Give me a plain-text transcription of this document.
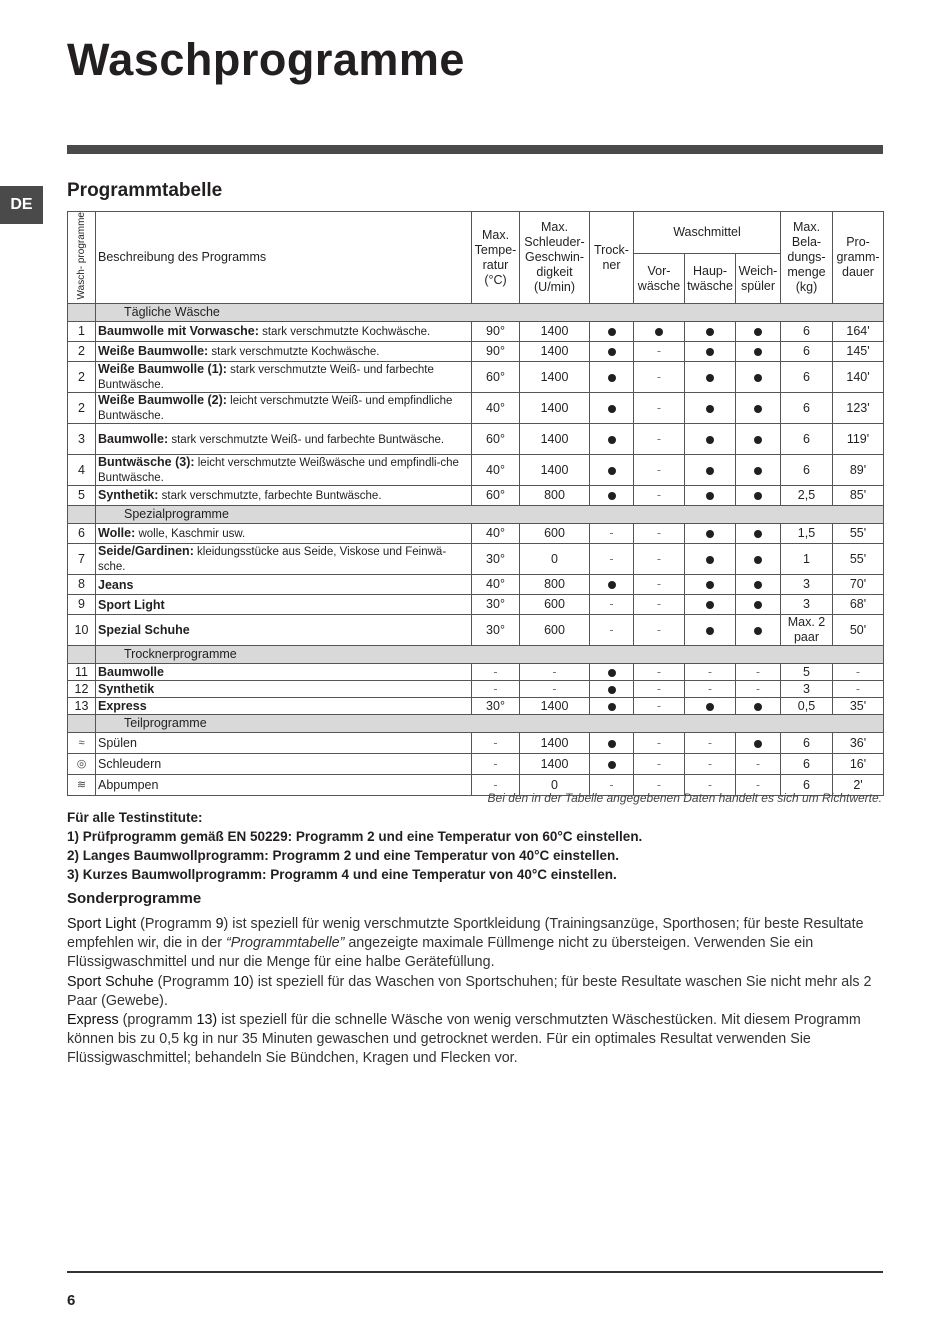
Waschprogramme
DE
Programmtabelle
Wasch- programme	Beschreibung des Programms	Max. Tempe-ratur (°C)	Max. Schleuder-Geschwin-digkeit (U/min)	Trock-ner	Waschmittel			Max. Bela-dungs-menge (kg)	Pro-gramm-dauer
					Vor-wäsche	Haup-twäsche	Weich-spüler		
	Tägliche Wäsche								
1	Baumwolle mit Vorwasche: stark verschmutzte Kochwäsche.	90°	1400					6	164'
2	Weiße Baumwolle: stark verschmutzte Kochwäsche.	90°	1400		-			6	145'
2	Weiße Baumwolle (1): stark verschmutzte Weiß- und farbechte Buntwäsche.	60°	1400		-			6	140'
2	Weiße Baumwolle (2): leicht verschmutzte Weiß- und empfindliche Buntwäsche.	40°	1400		-			6	123'
3	Baumwolle: stark verschmutzte Weiß- und farbechte Buntwäsche.	60°	1400		-			6	119'
4	Buntwäsche (3): leicht verschmutzte Weißwäsche und empfindli-che Buntwäsche.	40°	1400		-			6	89'
5	Synthetik: stark verschmutzte, farbechte Buntwäsche.	60°	800		-			2,5	85'
	Spezialprogramme								
6	Wolle: wolle, Kaschmir usw.	40°	600	-	-			1,5	55'
7	Seide/Gardinen: kleidungsstücke aus Seide, Viskose und Feinwä-sche.	30°	0	-	-			1	55'
8	Jeans	40°	800		-			3	70'
9	Sport Light	30°	600	-	-			3	68'
10	Spezial Schuhe	30°	600	-	-			Max. 2 paar	50'
	Trocknerprogramme								
11	Baumwolle	-	-		-	-	-	5	-
12	Synthetik	-	-		-	-	-	3	-
13	Express	30°	1400		-			0,5	35'
	Teilprogramme								
≈	Spülen	-	1400		-	-		6	36'
◎	Schleudern	-	1400		-	-	-	6	16'
≋	Abpumpen	-	0	-	-	-	-	6	2'
Bei den in der Tabelle angegebenen Daten handelt es sich um Richtwerte.
Für alle Testinstitute:
1) Prüfprogramm gemäß EN 50229: Programm 2 und eine Temperatur von 60°C einstellen.
2) Langes Baumwollprogramm: Programm 2 und eine Temperatur von 40°C einstellen.
3) Kurzes Baumwollprogramm: Programm 4 und eine Temperatur von 40°C einstellen.
Sonderprogramme
Sport Light (Programm 9) ist speziell für wenig verschmutzte Sportkleidung (Trainingsanzüge, Sporthosen; für beste Resultate empfehlen wir, die in der “Programmtabelle” angezeigte maximale Füllmenge nicht zu übersteigen. Verwenden Sie ein Flüssigwaschmittel und nur die Menge für eine halbe Gerätefüllung.
Sport Schuhe (Programm 10) ist speziell für das Waschen von Sportschuhen; für beste Resultate waschen Sie nicht mehr als 2 Paar (Gewebe).
Express (programm 13) ist speziell für die schnelle Wäsche von wenig verschmutzten Wäschestücken. Mit diesem Programm können bis zu 0,5 kg in nur 35 Minuten gewaschen und getrocknet werden. Für ein optimales Resultat verwenden Sie Flüssigwaschmittel; behandeln Sie Bündchen, Kragen und Flecken vor.
6
